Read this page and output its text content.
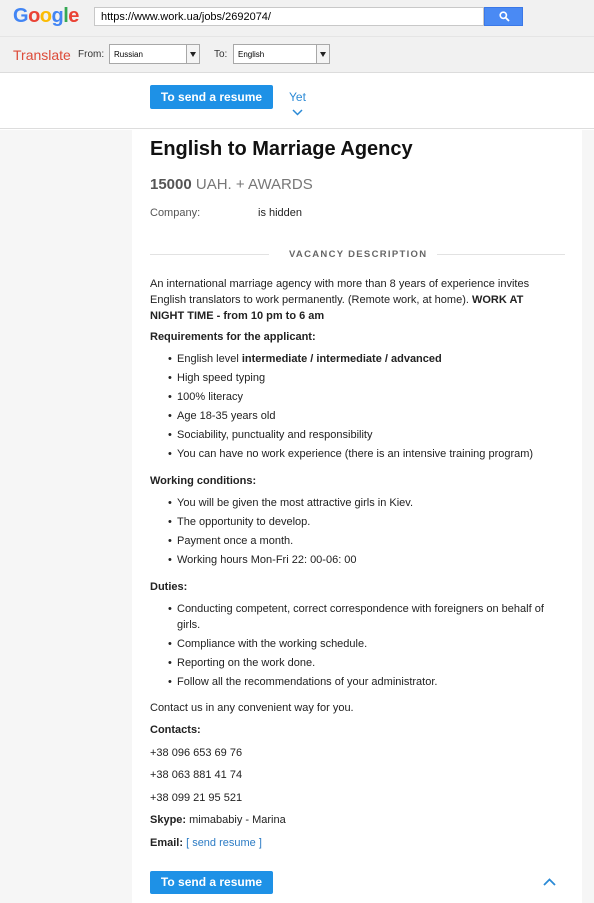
Google
https://www.work.ua/jobs/2692074/
Translate From:	Russian	To:	English
To send a resume	Yet
English to Marriage Agency
15000 UAH. + AWARDS
Company:	is hidden
VACANCY DESCRIPTION
An international marriage agency with more than 8 years of experience invites English translators to work permanently. (Remote work, at home). WORK AT NIGHT TIME - from 10 pm to 6 am
Requirements for the applicant:
• English level intermediate / intermediate / advanced
• High speed typing
• 100% literacy
• Age 18-35 years old
• Sociability, punctuality and responsibility
• You can have no work experience (there is an intensive training program)
Working conditions:
• You will be given the most attractive girls in Kiev.
• The opportunity to develop.
• Payment once a month.
• Working hours Mon-Fri 22: 00-06: 00
Duties:
• Conducting competent, correct correspondence with foreigners on behalf of girls.
• Compliance with the working schedule.
• Reporting on the work done.
• Follow all the recommendations of your administrator.
Contact us in any convenient way for you.
Contacts:
+38 096 653 69 76
+38 063 881 41 74
+38 099 21 95 521
Skype: mimababiy - Marina
Email: [ send resume ]
To send a resume
